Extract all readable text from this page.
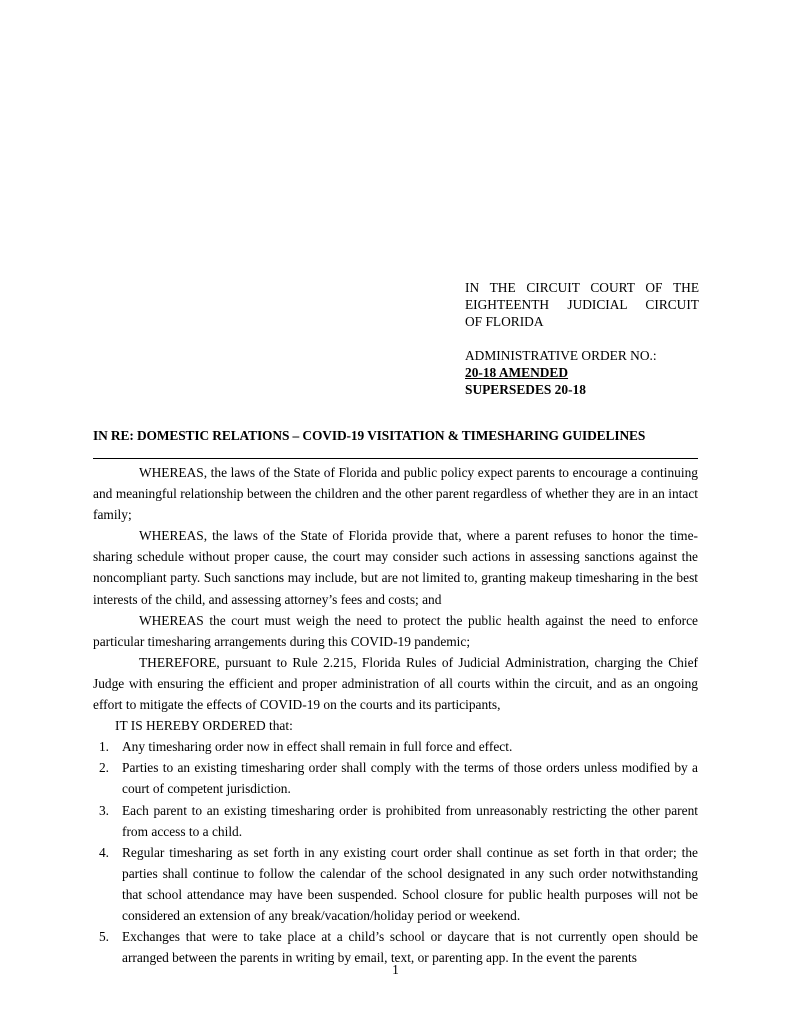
IN THE CIRCUIT COURT OF THE
EIGHTEENTH JUDICIAL CIRCUIT
OF FLORIDA
ADMINISTRATIVE ORDER NO.:
20-18 AMENDED
SUPERSEDES 20-18
IN RE: DOMESTIC RELATIONS – COVID-19 VISITATION & TIMESHARING GUIDELINES

WHEREAS, the laws of the State of Florida and public policy expect parents to encourage a continuing and meaningful relationship between the children and the other parent regardless of whether they are in an intact family;

WHEREAS, the laws of the State of Florida provide that, where a parent refuses to honor the time-sharing schedule without proper cause, the court may consider such actions in assessing sanctions against the noncompliant party. Such sanctions may include, but are not limited to, granting makeup timesharing in the best interests of the child, and assessing attorney’s fees and costs; and

WHEREAS the court must weigh the need to protect the public health against the need to enforce particular timesharing arrangements during this COVID-19 pandemic;

THEREFORE, pursuant to Rule 2.215, Florida Rules of Judicial Administration, charging the Chief Judge with ensuring the efficient and proper administration of all courts within the circuit, and as an ongoing effort to mitigate the effects of COVID-19 on the courts and its participants,

IT IS HEREBY ORDERED that:
1. Any timesharing order now in effect shall remain in full force and effect.
2. Parties to an existing timesharing order shall comply with the terms of those orders unless modified by a court of competent jurisdiction.
3. Each parent to an existing timesharing order is prohibited from unreasonably restricting the other parent from access to a child.
4. Regular timesharing as set forth in any existing court order shall continue as set forth in that order; the parties shall continue to follow the calendar of the school designated in any such order notwithstanding that school attendance may have been suspended. School closure for public health purposes will not be considered an extension of any break/vacation/holiday period or weekend.
5. Exchanges that were to take place at a child’s school or daycare that is not currently open should be arranged between the parents in writing by email, text, or parenting app. In the event the parents
1
